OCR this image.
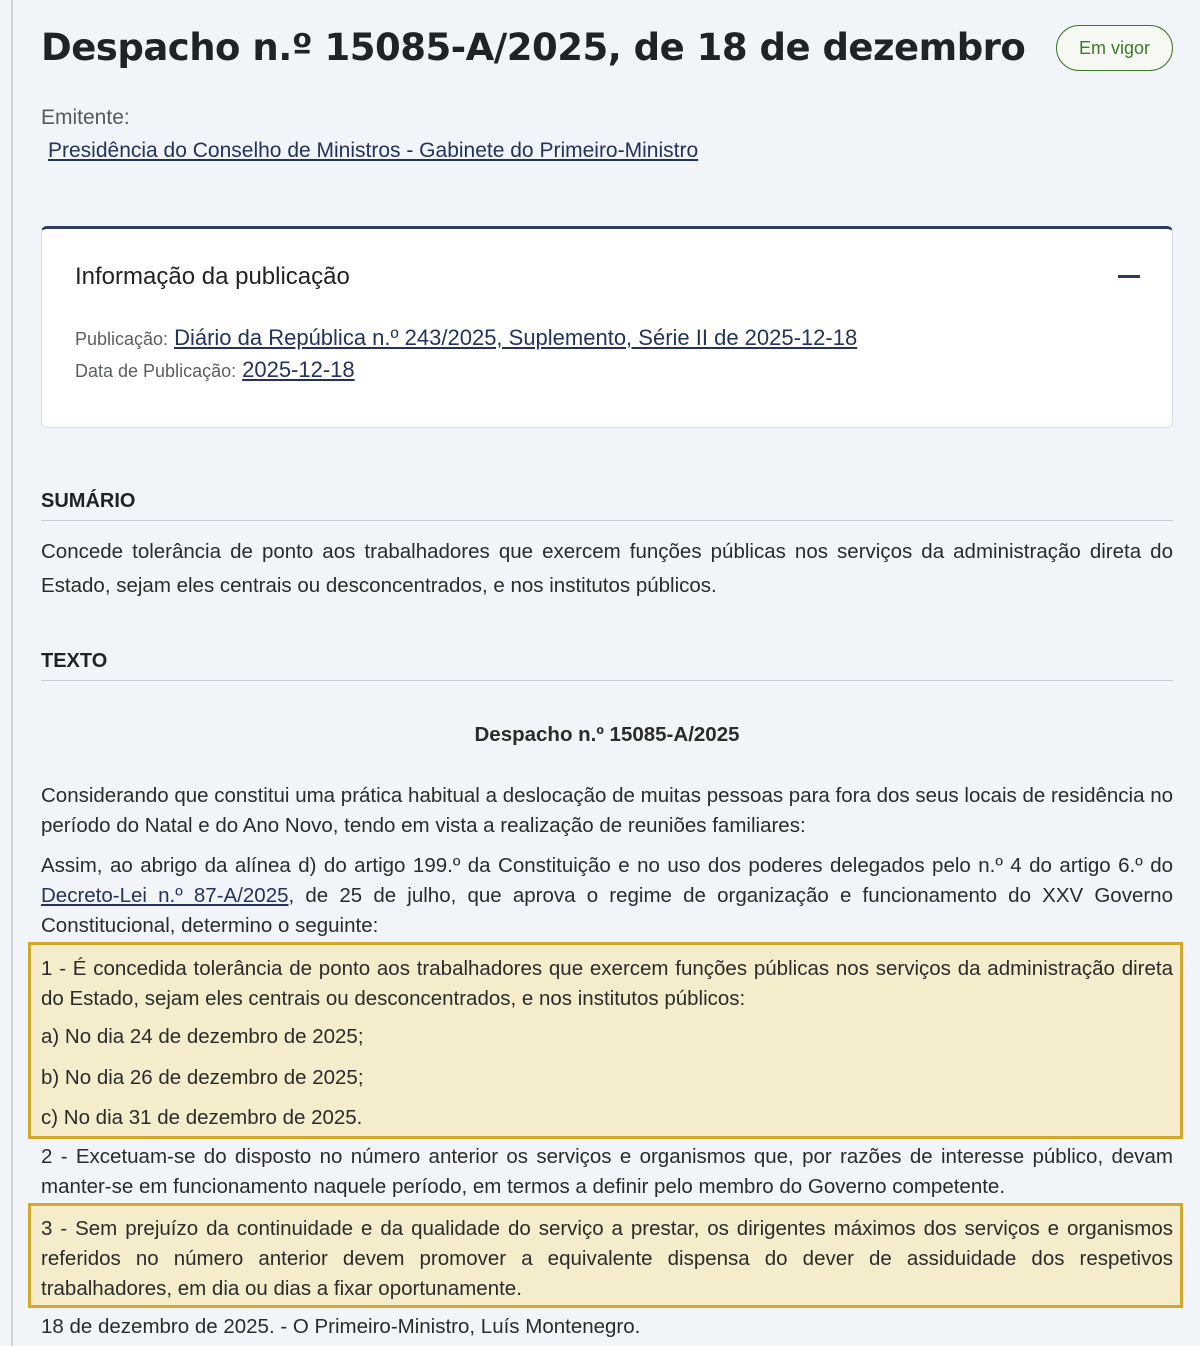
Despacho n.º 15085-A/2025, de 18 de dezembro	Em vigor
Emitente:
Presidência do Conselho de Ministros - Gabinete do Primeiro-Ministro
Informação da publicação
Publicação: Diário da República n.º 243/2025, Suplemento, Série II de 2025-12-18
Data de Publicação: 2025-12-18
SUMÁRIO

Concede tolerância de ponto aos trabalhadores que exercem funções públicas nos serviços da administração direta do Estado, sejam eles centrais ou desconcentrados, e nos institutos públicos.

TEXTO
Despacho n.º 15085-A/2025

Considerando que constitui uma prática habitual a deslocação de muitas pessoas para fora dos seus locais de residência no período do Natal e do Ano Novo, tendo em vista a realização de reuniões familiares:

Assim, ao abrigo da alínea d) do artigo 199.º da Constituição e no uso dos poderes delegados pelo n.º 4 do artigo 6.º do Decreto-Lei n.º 87-A/2025, de 25 de julho, que aprova o regime de organização e funcionamento do XXV Governo Constitucional, determino o seguinte:

1 - É concedida tolerância de ponto aos trabalhadores que exercem funções públicas nos serviços da administração direta do Estado, sejam eles centrais ou desconcentrados, e nos institutos públicos:

a) No dia 24 de dezembro de 2025;
b) No dia 26 de dezembro de 2025;
c) No dia 31 de dezembro de 2025.

2 - Excetuam-se do disposto no número anterior os serviços e organismos que, por razões de interesse público, devam manter-se em funcionamento naquele período, em termos a definir pelo membro do Governo competente.

3 - Sem prejuízo da continuidade e da qualidade do serviço a prestar, os dirigentes máximos dos serviços e organismos referidos no número anterior devem promover a equivalente dispensa do dever de assiduidade dos respetivos trabalhadores, em dia ou dias a fixar oportunamente.

18 de dezembro de 2025. - O Primeiro-Ministro, Luís Montenegro.
